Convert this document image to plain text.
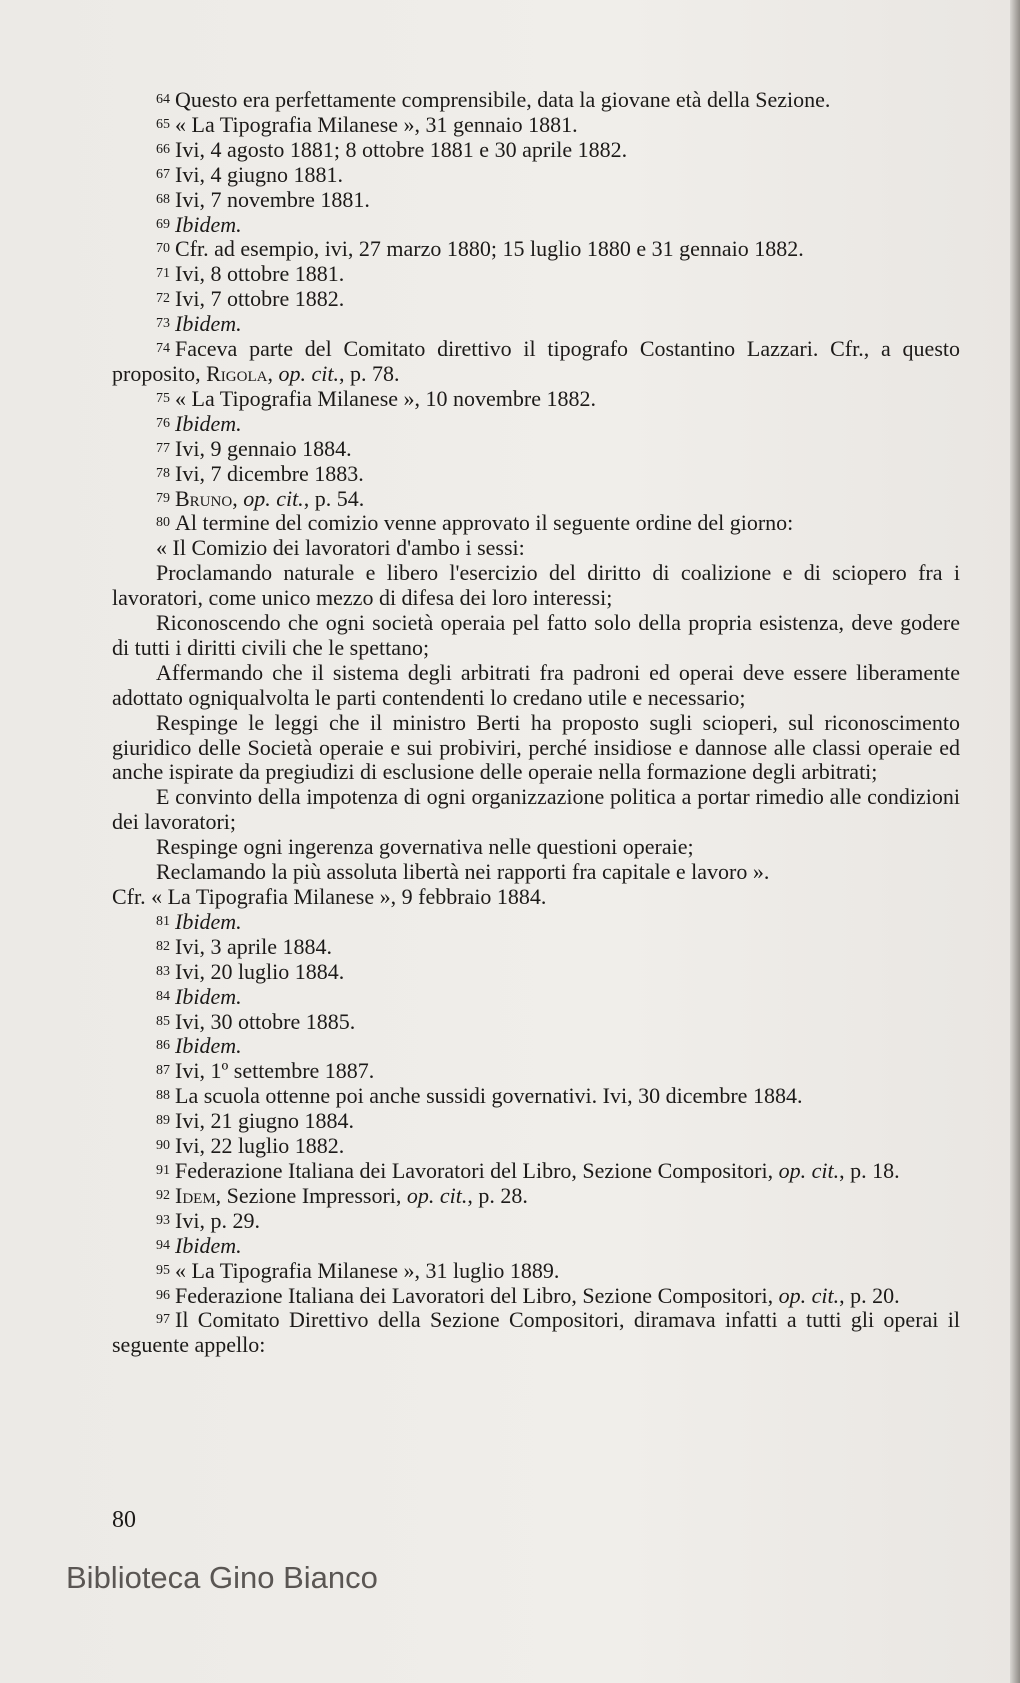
64 Questo era perfettamente comprensibile, data la giovane età della Sezione.

65 « La Tipografia Milanese », 31 gennaio 1881.

66 Ivi, 4 agosto 1881; 8 ottobre 1881 e 30 aprile 1882.

67 Ivi, 4 giugno 1881.

68 Ivi, 7 novembre 1881.

69 Ibidem.

70 Cfr. ad esempio, ivi, 27 marzo 1880; 15 luglio 1880 e 31 gennaio 1882.

71 Ivi, 8 ottobre 1881.

72 Ivi, 7 ottobre 1882.

73 Ibidem.

74 Faceva parte del Comitato direttivo il tipografo Costantino Lazzari. Cfr., a questo proposito, Rigola, op. cit., p. 78.

75 « La Tipografia Milanese », 10 novembre 1882.

76 Ibidem.

77 Ivi, 9 gennaio 1884.

78 Ivi, 7 dicembre 1883.

79 Bruno, op. cit., p. 54.

80 Al termine del comizio venne approvato il seguente ordine del giorno:

« Il Comizio dei lavoratori d'ambo i sessi:

Proclamando naturale e libero l'esercizio del diritto di coalizione e di sciopero fra i lavoratori, come unico mezzo di difesa dei loro interessi;

Riconoscendo che ogni società operaia pel fatto solo della propria esistenza, deve godere di tutti i diritti civili che le spettano;

Affermando che il sistema degli arbitrati fra padroni ed operai deve essere liberamente adottato ogniqualvolta le parti contendenti lo credano utile e necessario;

Respinge le leggi che il ministro Berti ha proposto sugli scioperi, sul riconoscimento giuridico delle Società operaie e sui probiviri, perché insidiose e dannose alle classi operaie ed anche ispirate da pregiudizi di esclusione delle operaie nella formazione degli arbitrati;

E convinto della impotenza di ogni organizzazione politica a portar rimedio alle condizioni dei lavoratori;

Respinge ogni ingerenza governativa nelle questioni operaie;

Reclamando la più assoluta libertà nei rapporti fra capitale e lavoro ».

Cfr. « La Tipografia Milanese », 9 febbraio 1884.

81 Ibidem.

82 Ivi, 3 aprile 1884.

83 Ivi, 20 luglio 1884.

84 Ibidem.

85 Ivi, 30 ottobre 1885.

86 Ibidem.

87 Ivi, 1º settembre 1887.

88 La scuola ottenne poi anche sussidi governativi. Ivi, 30 dicembre 1884.

89 Ivi, 21 giugno 1884.

90 Ivi, 22 luglio 1882.

91 Federazione Italiana dei Lavoratori del Libro, Sezione Compositori, op. cit., p. 18.

92 Idem, Sezione Impressori, op. cit., p. 28.

93 Ivi, p. 29.

94 Ibidem.

95 « La Tipografia Milanese », 31 luglio 1889.

96 Federazione Italiana dei Lavoratori del Libro, Sezione Compositori, op. cit., p. 20.

97 Il Comitato Direttivo della Sezione Compositori, diramava infatti a tutti gli operai il seguente appello:

80
Biblioteca Gino Bianco
